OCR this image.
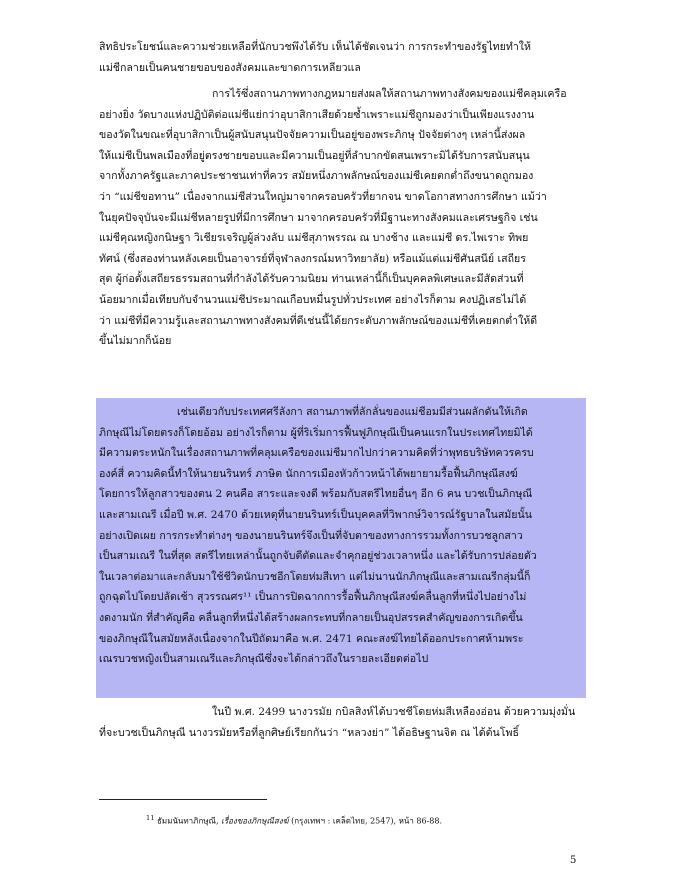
สิทธิประโยชน์และความช่วยเหลือที่นักบวชพึงได้รับ เห็นได้ชัดเจนว่า การกระทำของรัฐไทยทำให้
แม่ชีกลายเป็นคนชายขอบของสังคมและขาดการเหลียวแล
การไร้ซึ่งสถานภาพทางกฎหมายส่งผลให้สถานภาพทางสังคมของแม่ชีคลุมเครือ
อย่างยิ่ง วัดบางแห่งปฏิบัติต่อแม่ชีแย่กว่าอุบาสิกาเสียด้วยซ้ำเพราะแม่ชีถูกมองว่าเป็นเพียงแรงงาน
ของวัดในขณะที่อุบาสิกาเป็นผู้สนับสนุนปัจจัยความเป็นอยู่ของพระภิกษุ ปัจจัยต่างๆ เหล่านี้ส่งผล
ให้แม่ชีเป็นพลเมืองที่อยู่ตรงชายขอบและมีความเป็นอยู่ที่ลำบากขัดสนเพราะมิได้รับการสนับสนุน
จากทั้งภาครัฐและภาคประชาชนเท่าที่ควร สมัยหนึ่งภาพลักษณ์ของแม่ชีเคยตกต่ำถึงขนาดถูกมอง
ว่า “แม่ชีขอทาน” เนื่องจากแม่ชีส่วนใหญ่มาจากครอบครัวที่ยากจน ขาดโอกาสทางการศึกษา แม้ว่า
ในยุคปัจจุบันจะมีแม่ชีหลายรูปที่มีการศึกษา มาจากครอบครัวที่มีฐานะทางสังคมและเศรษฐกิจ เช่น
แม่ชีคุณหญิงกนิษฐา วิเชียรเจริญผู้ล่วงลับ แม่ชีสุภาพรรณ ณ บางช้าง และแม่ชี ดร.ไพเราะ ทิพย
ทัศน์ (ซึ่งสองท่านหลังเคยเป็นอาจารย์ที่จุฬาลงกรณ์มหาวิทยาลัย) หรือแม้แต่แม่ชีศันสนีย์ เสถียร
สุต ผู้ก่อตั้งเสถียรธรรมสถานที่กำลังได้รับความนิยม ท่านเหล่านี้ก็เป็นบุคคลพิเศษและมีสัดส่วนที่
น้อยมากเมื่อเทียบกับจำนวนแม่ชีประมาณเกือบหมื่นรูปทั่วประเทศ อย่างไรก็ตาม คงปฏิเสธไม่ได้
ว่า แม่ชีที่มีความรู้และสถานภาพทางสังคมที่ดีเช่นนี้ได้ยกระดับภาพลักษณ์ของแม่ชีที่เคยตกต่ำให้ดี
ขึ้นไม่มากก็น้อย
เช่นเดียวกับประเทศศรีลังกา สถานภาพที่ลักลั่นของแม่ชีอมมีส่วนผลักดันให้เกิด
ภิกษุณีไม่โดยตรงก็โดยอ้อม อย่างไรก็ตาม ผู้ที่ริเริ่มการฟื้นฟูภิกษุณีเป็นคนแรกในประเทศไทยมิได้
มีความตระหนักในเรื่องสถานภาพที่คลุมเครือของแม่ชีมากไปกว่าความคิดที่ว่าพุทธบริษัทควรครบ
องค์สี่ ความคิดนี้ทำให้นายนรินทร์ ภาษิต นักการเมืองหัวก้าวหน้าได้พยายามรื้อฟื้นภิกษุณีสงฆ์
โดยการให้ลูกสาวของตน 2 คนคือ สาระและจงดี พร้อมกับสตรีไทยอื่นๆ อีก 6 คน บวชเป็นภิกษุณี
และสามเณรี เมื่อปี พ.ศ. 2470 ด้วยเหตุที่นายนรินทร์เป็นบุคคลที่วิพากษ์วิจารณ์รัฐบาลในสมัยนั้น
อย่างเปิดเผย การกระทำต่างๆ ของนายนรินทร์จึงเป็นที่จับตาของทางการรวมทั้งการบวชลูกสาว
เป็นสามเณรี ในที่สุด สตรีไทยเหล่านั้นถูกจับตีตัดและจำคุกอยู่ช่วงเวลาหนึ่ง และได้รับการปล่อยตัว
ในเวลาต่อมาและกลับมาใช้ชีวิตนักบวชอีกโดยห่มสีเทา แต่ไม่นานนักภิกษุณีและสามเณรีกลุ่มนี้ก็
ถูกฉุดไปโดยปลัดเช้า สุวรรณศร¹¹ เป็นการปิดฉากการรื้อฟื้นภิกษุณีสงฆ์คลื่นลูกที่หนึ่งไปอย่างไม่
งดงามนัก ที่สำคัญคือ คลื่นลูกที่หนึ่งได้สร้างผลกระทบที่กลายเป็นอุปสรรคสำคัญของการเกิดขึ้น
ของภิกษุณีในสมัยหลังเนื่องจากในปีถัดมาคือ พ.ศ. 2471 คณะสงฆ์ไทยได้ออกประกาศห้ามพระ
เณรบวชหญิงเป็นสามเณรีและภิกษุณีซึ่งจะได้กล่าวถึงในรายละเอียดต่อไป
ในปี พ.ศ. 2499 นางวรมัย กบิลสิงห์ได้บวชชีโดยห่มสีเหลืองอ่อน ด้วยความมุ่งมั่น
ที่จะบวชเป็นภิกษุณี นางวรมัยหรือที่ลูกศิษย์เรียกกันว่า “หลวงย่า” ได้อธิษฐานจิต ณ ได้ต้นโพธิ์
$^{11}$ ธัมมนันทาภิกษุณี, เรื่องของภิกษุณีสงฆ์ (กรุงเทพฯ : เคล็ดไทย, 2547), หน้า 86-88.
5
